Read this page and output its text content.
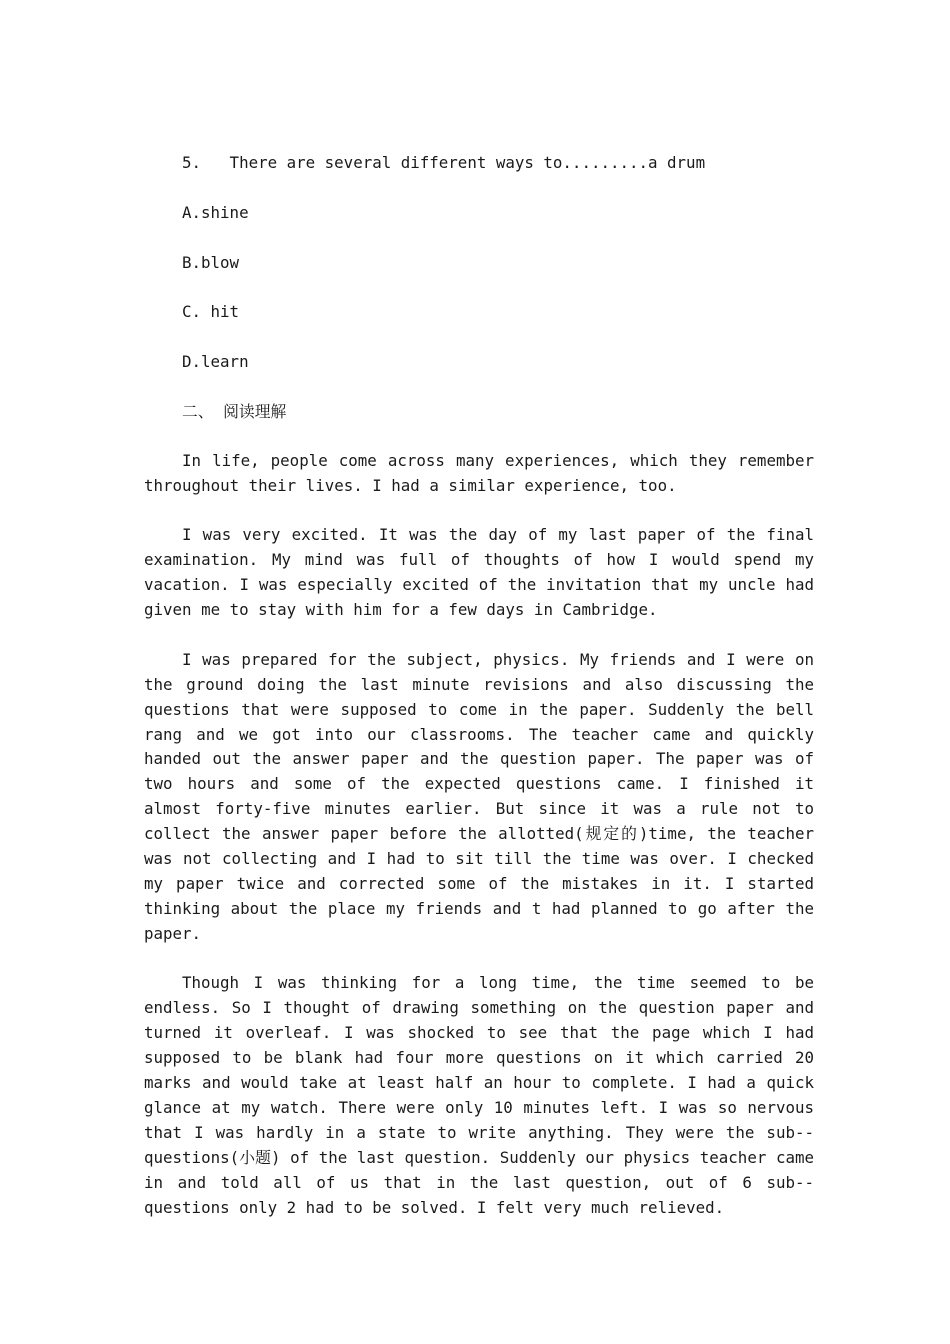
5.   There are several different ways to.........a drum
A.shine
B.blow
C. hit
D.learn
二、 阅读理解

In life, people come across many experiences, which they remember throughout their lives. I had a similar experience, too.

I was very excited. It was the day of my last paper of the final examination. My mind was full of thoughts of how I would spend my vacation. I was especially excited of the invitation that my uncle had given me to stay with him for a few days in Cambridge.

I was prepared for the subject, physics. My friends and I were on the ground doing the last minute revisions and also discussing the questions that were supposed to come in the paper. Suddenly the bell rang and we got into our classrooms. The teacher came and quickly handed out the answer paper and the question paper. The paper was of two hours and some of the expected questions came. I finished it almost forty-five minutes earlier. But since it was a rule not to collect the answer paper before the allotted(规定的)time, the teacher was not collecting and I had to sit till the time was over. I checked my paper twice and corrected some of the mistakes in it. I started thinking about the place my friends and t had planned to go after the paper.

Though I was thinking for a long time, the time seemed to be endless. So I thought of drawing something on the question paper and turned it overleaf. I was shocked to see that the page which I had supposed to be blank had four more questions on it which carried 20 marks and would take at least half an hour to complete. I had a quick glance at my watch. There were only 10 minutes left. I was so nervous that I was hardly in a state to write anything. They were the sub--questions(小题) of the last question. Suddenly our physics teacher came in and told all of us that in the last question, out of 6 sub--questions only 2 had to be solved. I felt very much relieved.
